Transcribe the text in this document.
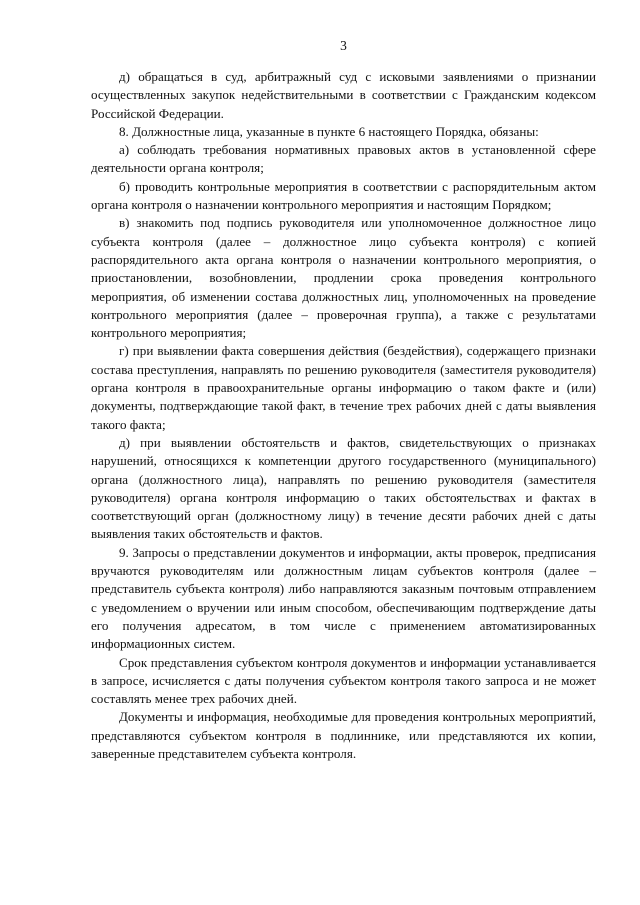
3

д) обращаться в суд, арбитражный суд с исковыми заявлениями о признании осуществленных закупок недействительными в соответствии с Гражданским кодексом Российской Федерации.

8. Должностные лица, указанные в пункте 6 настоящего Порядка, обязаны:

а) соблюдать требования нормативных правовых актов в установленной сфере деятельности органа контроля;

б) проводить контрольные мероприятия в соответствии с распорядительным актом органа контроля о назначении контрольного мероприятия и настоящим Порядком;

в) знакомить под подпись руководителя или уполномоченное должностное лицо субъекта контроля (далее – должностное лицо субъекта контроля) с копией распорядительного акта органа контроля о назначении контрольного мероприятия, о приостановлении, возобновлении, продлении срока проведения контрольного мероприятия, об изменении состава должностных лиц, уполномоченных на проведение контрольного мероприятия (далее – проверочная группа), а также с результатами контрольного мероприятия;

г) при выявлении факта совершения действия (бездействия), содержащего признаки состава преступления, направлять по решению руководителя (заместителя руководителя) органа контроля в правоохранительные органы информацию о таком факте и (или) документы, подтверждающие такой факт, в течение трех рабочих дней с даты выявления такого факта;

д) при выявлении обстоятельств и фактов, свидетельствующих о признаках нарушений, относящихся к компетенции другого государственного (муниципального) органа (должностного лица), направлять по решению руководителя (заместителя руководителя) органа контроля информацию о таких обстоятельствах и фактах в соответствующий орган (должностному лицу) в течение десяти рабочих дней с даты выявления таких обстоятельств и фактов.

9. Запросы о представлении документов и информации, акты проверок, предписания вручаются руководителям или должностным лицам субъектов контроля (далее – представитель субъекта контроля) либо направляются заказным почтовым отправлением с уведомлением о вручении или иным способом, обеспечивающим подтверждение даты его получения адресатом, в том числе с применением автоматизированных информационных систем.

Срок представления субъектом контроля документов и информации устанавливается в запросе, исчисляется с даты получения субъектом контроля такого запроса и не может составлять менее трех рабочих дней.

Документы и информация, необходимые для проведения контрольных мероприятий, представляются субъектом контроля в подлиннике, или представляются их копии, заверенные представителем субъекта контроля.
